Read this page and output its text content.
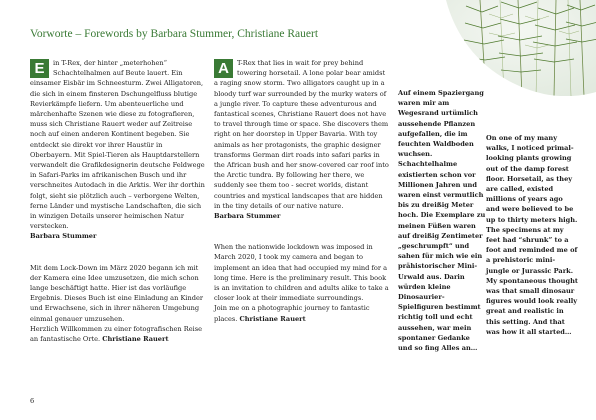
Vorworte – Forewords by Barbara Stummer, Christiane Rauert

E	in T-Rex, der hinter „meterhohen“ Schachtelhalmen auf Beute lauert. Ein einsamer Eisbär im Schneesturm. Zwei Alligatoren, die sich in einem finsteren Dschungelfluss blutige Revierkämpfe liefern. Um abenteuerliche und märchenhafte Szenen wie diese zu fotografieren, muss sich Christiane Rauert weder auf Zeitreise noch auf einen anderen Kontinent begeben. Sie entdeckt sie direkt vor ihrer Haustür in Oberbayern. Mit Spiel-Tieren als Hauptdarstellern verwandelt die Grafikdesignerin deutsche Feldwege in Safari-Parks im afrikanischen Busch und ihr verschneites Autodach in die Arktis. Wer ihr dorthin folgt, sieht sie plötzlich auch – verborgene Welten, ferne Länder und mystische Landschaften, die sich in winzigen Details unserer heimischen Natur verstecken.

Barbara Stummer

Mit dem Lock-Down im März 2020 begann ich mit der Kamera eine Idee umzusetzen, die mich schon lange beschäftigt hatte. Hier ist das vorläufige Ergebnis. Dieses Buch ist eine Einladung an Kinder und Erwachsene, sich in ihrer näheren Umgebung einmal genauer umzusehen.

Herzlich Willkommen zu einer fotografischen Reise an fantastische Orte. Christiane Rauert

A	T-Rex that lies in wait for prey behind towering horsetail. A lone polar bear amidst a raging snow storm. Two alligators caught up in a bloody turf war surrounded by the murky waters of a jungle river. To capture these adventurous and fantastical scenes, Christiane Rauert does not have to travel through time or space. She discovers them right on her doorstep in Upper Bavaria. With toy animals as her protagonists, the graphic designer transforms German dirt roads into safari parks in the African bush and her snow-covered car roof into the Arctic tundra. By following her there, we suddenly see them too - secret worlds, distant countries and mystical landscapes that are hidden in the tiny details of our native nature.

Barbara Stummer

When the nationwide lockdown was imposed in March 2020, I took my camera and began to implement an idea that had occupied my mind for a long time. Here is the preliminary result. This book is an invitation to children and adults alike to take a closer look at their immediate surroundings.

Join me on a photographic journey to fantastic places. Christiane Rauert

Auf einem Spaziergang waren mir am Wegesrand urtümlich aussehende Pflanzen aufgefallen, die im feuchten Waldboden wuchsen. Schachtelhalme existierten schon vor Millionen Jahren und waren einst vermutlich bis zu dreißig Meter hoch. Die Exemplare zu meinen Füßen waren auf dreißig Zentimeter „geschrumpft“ und sahen für mich wie ein prähistorischer Mini-Urwald aus. Darin würden kleine Dinosaurier-Spielfiguren bestimmt richtig toll und echt aussehen, war mein spontaner Gedanke und so fing Alles an…

On one of my many walks, I noticed primal-looking plants growing out of the damp forest floor. Horsetail, as they are called, existed millions of years ago and were believed to be up to thirty meters high. The specimens at my feet had “shrunk” to a foot and reminded me of a prehistoric mini-jungle or Jurassic Park. My spontaneous thought was that small dinosaur figures would look really great and realistic in this setting. And that was how it all started…

6
